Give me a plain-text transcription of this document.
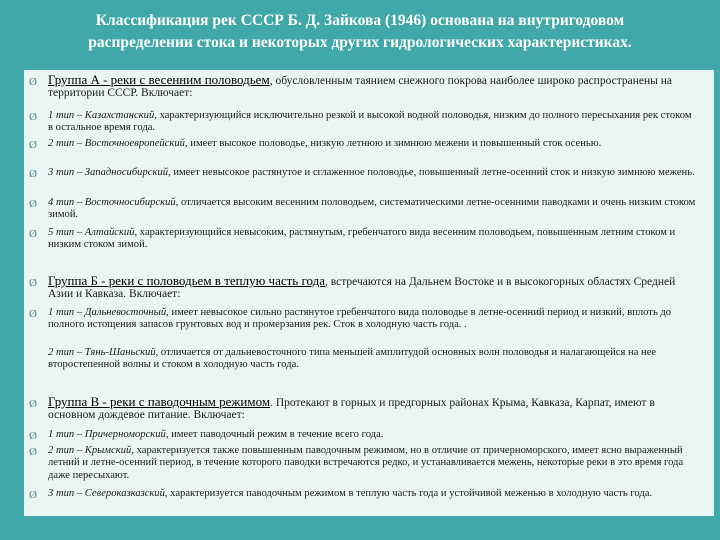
Классификация рек СССР Б. Д. Зайкова (1946) основана на внутригодовом
распределении стока и некоторых других гидрологических характеристиках.
Ø Группа А - реки с весенним половодьем, обусловленным таянием снежного покрова наиболее широко распространены на территории СССР. Включает:
Ø 1 тип – Казахстанский, характеризующийся исключительно резкой и высокой водной половодья, низким до полного пересыхания рек стоком в остальное время года.
Ø 2 тип – Восточноевропейский, имеет высокое половодье, низкую летнюю и зимнюю межени и повышенный сток осенью.
Ø 3 тип – Западносибирский, имеет невысокое растянутое и сглаженное половодье, повышенный летне-осенний сток и низкую зимнюю межень.
Ø 4 тип – Восточносибирский, отличается высоким весенним половодьем, систематическими летне-осенними паводками и очень низким стоком зимой.
Ø 5 тип – Алтайский, характеризующийся невысоким, растянутым, гребенчатого вида весенним половодьем, повышенным летним стоком и низким стоком зимой.
Ø Группа Б - реки с половодьем в теплую часть года, встречаются на Дальнем Востоке и в высокогорных областях Средней Азии и Кавказа. Включает:
Ø 1 тип – Дальневосточный, имеет невысокое сильно растянутое гребенчатого вида половодье в летне-осенний период и низкий, вплоть до полного истощения запасов грунтовых вод и промерзания рек. Сток в холодную часть года. .
2 тип – Тянь-Шаньский, отличается от дальневосточного типа меньшей амплитудой основных волн половодья и налагающейся на нее второстепенной волны и стоком в холодную часть года.
Ø Группа В - реки с паводочным режимом. Протекают в горных и предгорных районах Крыма, Кавказа, Карпат, имеют в основном дождевое питание. Включает:
Ø 1 тип – Причерноморский, имеет паводочный режим в течение всего года.
Ø 2 тип – Крымский, характеризуется также повышенным паводочным режимом, но в отличие от причерноморского, имеет ясно выраженный летний и летне-осенний период, в течение которого паводки встречаются редко, и устанавливается межень, некоторые реки в это время года даже пересыхают.
Ø 3 тип – Североказказский, характеризуется паводочным режимом в теплую часть года и устойчивой меженью в холодную часть года.
